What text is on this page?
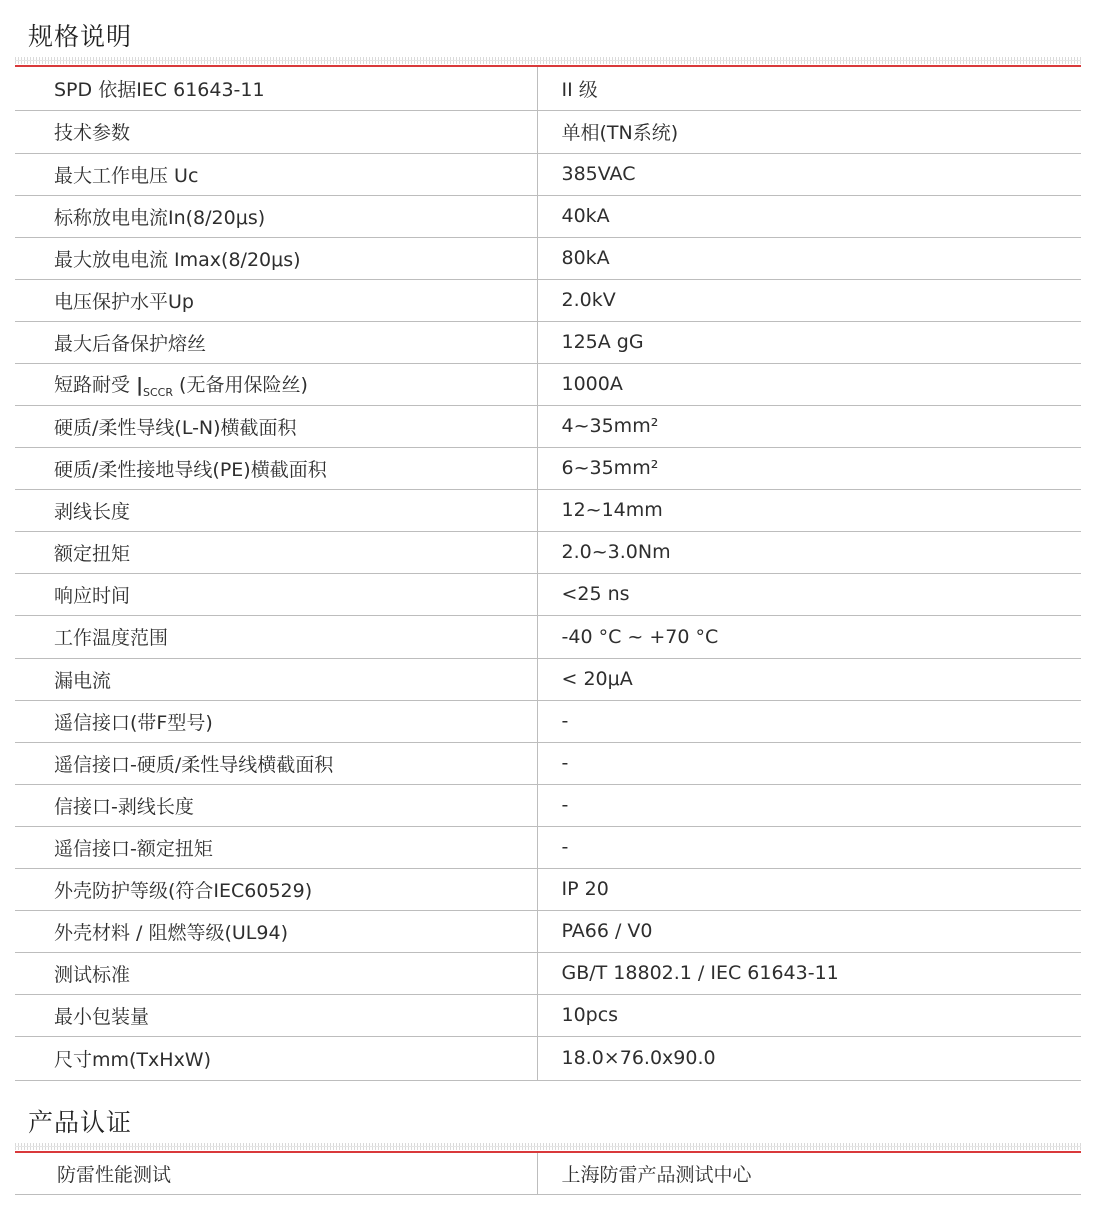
规格说明
SPD 依据IEC 61643-11	II 级
技术参数	单相(TN系统)
最大工作电压 Uc	385VAC
标称放电电流In(8/20μs)	40kA
最大放电电流 Imax(8/20μs)	80kA
电压保护水平Up	2.0kV
最大后备保护熔丝	125A gG
短路耐受 $|_{SCCR}$ (无备用保险丝)	1000A
硬质/柔性导线(L-N)横截面积	4~35mm²
硬质/柔性接地导线(PE)横截面积	6~35mm²
剥线长度	12~14mm
额定扭矩	2.0~3.0Nm
响应时间	<25 ns
工作温度范围	-40 °C ~ +70 °C
漏电流	< 20μA
遥信接口(带F型号)	-
遥信接口-硬质/柔性导线横截面积	-
信接口-剥线长度	-
遥信接口-额定扭矩	-
外壳防护等级(符合IEC60529)	IP 20
外壳材料 / 阻燃等级(UL94)	PA66 / V0
测试标准	GB/T 18802.1 / IEC 61643-11
最小包装量	10pcs
尺寸mm(TxHxW)	18.0×76.0x90.0
产品认证
防雷性能测试	上海防雷产品测试中心
